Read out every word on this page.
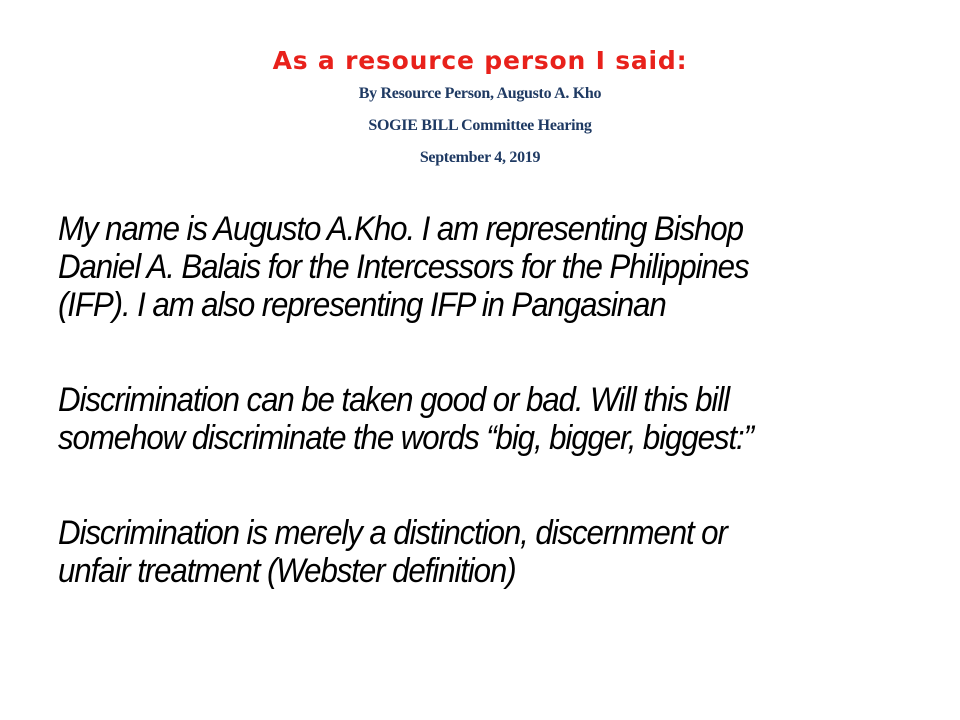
As a resource person I said:

By Resource Person, Augusto A. Kho

SOGIE BILL Committee Hearing

September 4, 2019

My name is Augusto A.Kho. I am representing Bishop
Daniel A. Balais for the Intercessors for the Philippines
(IFP). I am also representing IFP in Pangasinan

Discrimination can be taken good or bad. Will this bill
somehow discriminate the words “big, bigger, biggest:”

Discrimination is merely a distinction, discernment or
unfair treatment (Webster definition)
